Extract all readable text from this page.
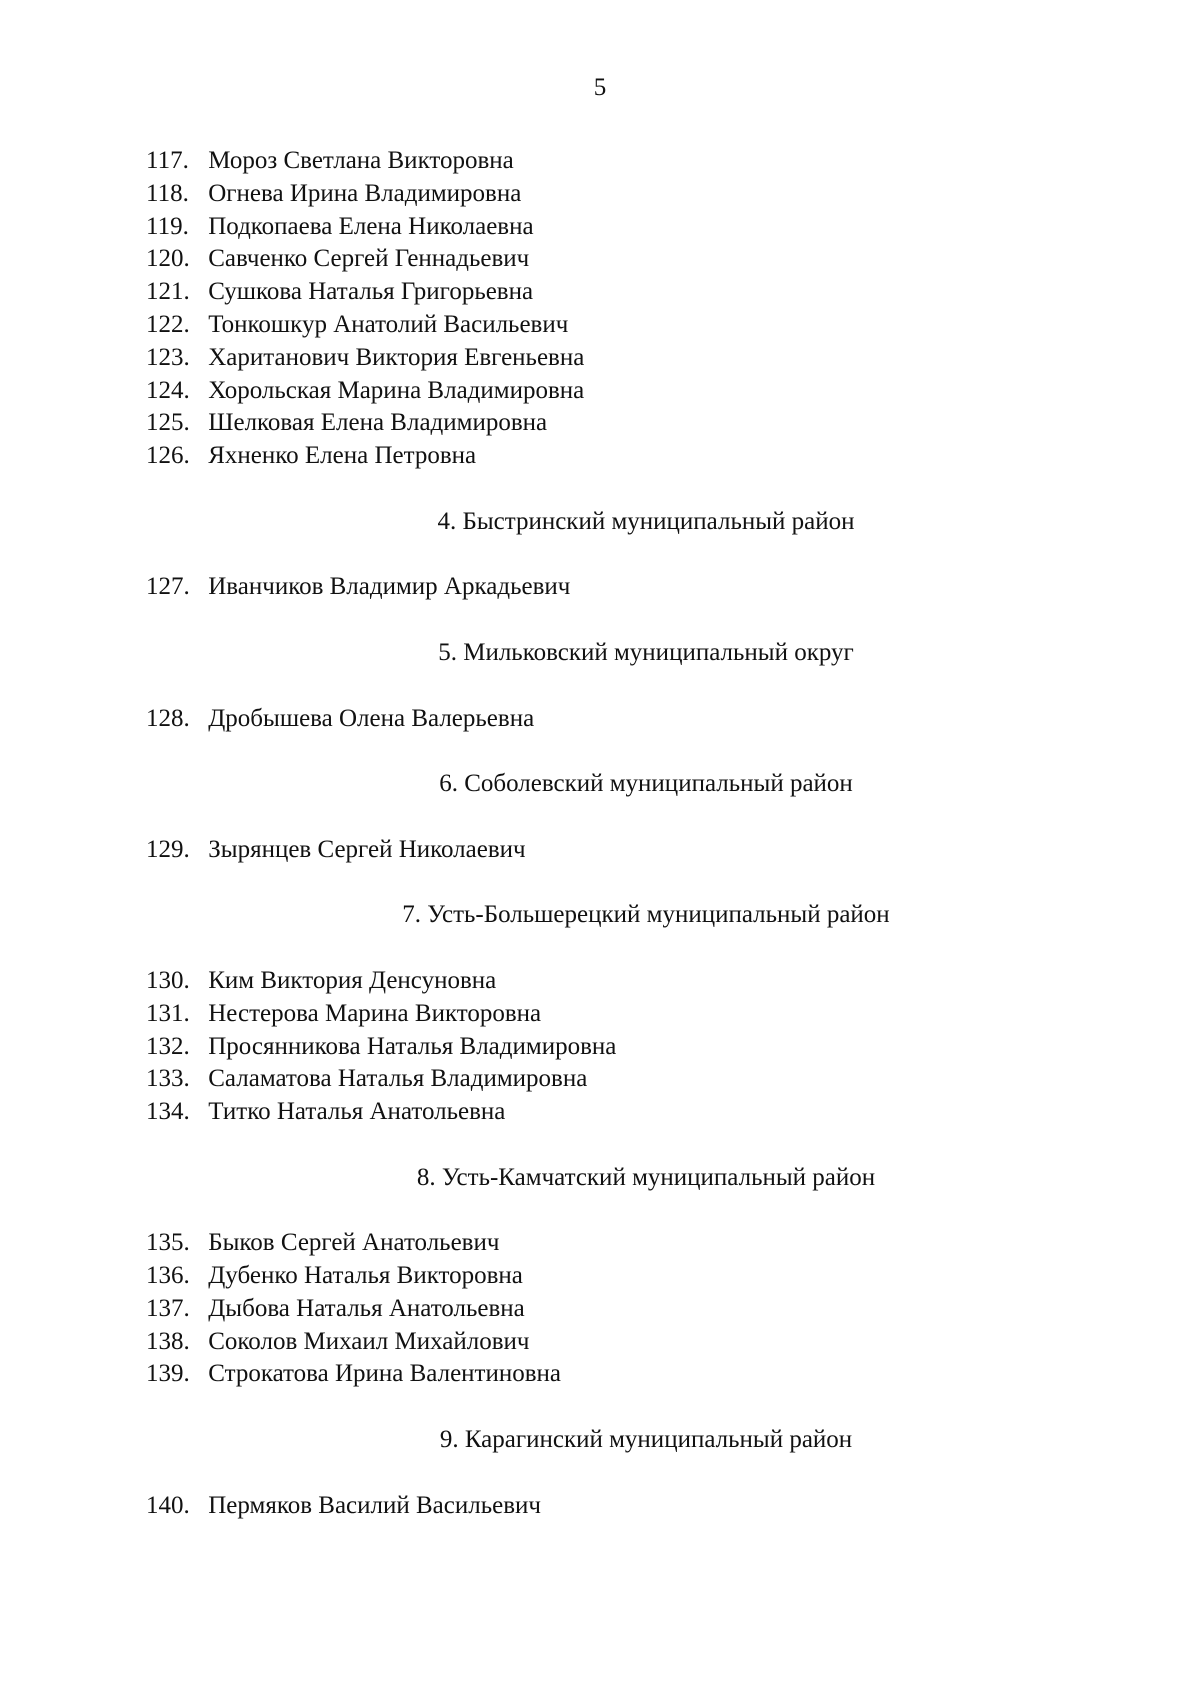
5
117. Мороз Светлана Викторовна
118. Огнева Ирина Владимировна
119. Подкопаева Елена Николаевна
120. Савченко Сергей Геннадьевич
121. Сушкова Наталья Григорьевна
122. Тонкошкур Анатолий Васильевич
123. Хаританович Виктория Евгеньевна
124. Хорольская Марина Владимировна
125. Шелковая Елена Владимировна
126. Яхненко Елена Петровна
4. Быстринский муниципальный район
127. Иванчиков Владимир Аркадьевич
5. Мильковский муниципальный округ
128. Дробышева Олена Валерьевна
6. Соболевский муниципальный район
129. Зырянцев Сергей Николаевич
7. Усть-Большерецкий муниципальный район
130. Ким Виктория Денсуновна
131. Нестерова Марина Викторовна
132. Просянникова Наталья Владимировна
133. Саламатова Наталья Владимировна
134. Титко Наталья Анатольевна
8. Усть-Камчатский муниципальный район
135. Быков Сергей Анатольевич
136. Дубенко Наталья Викторовна
137. Дыбова Наталья Анатольевна
138. Соколов Михаил Михайлович
139. Строкатова Ирина Валентиновна
9. Карагинский муниципальный район
140. Пермяков Василий Васильевич
